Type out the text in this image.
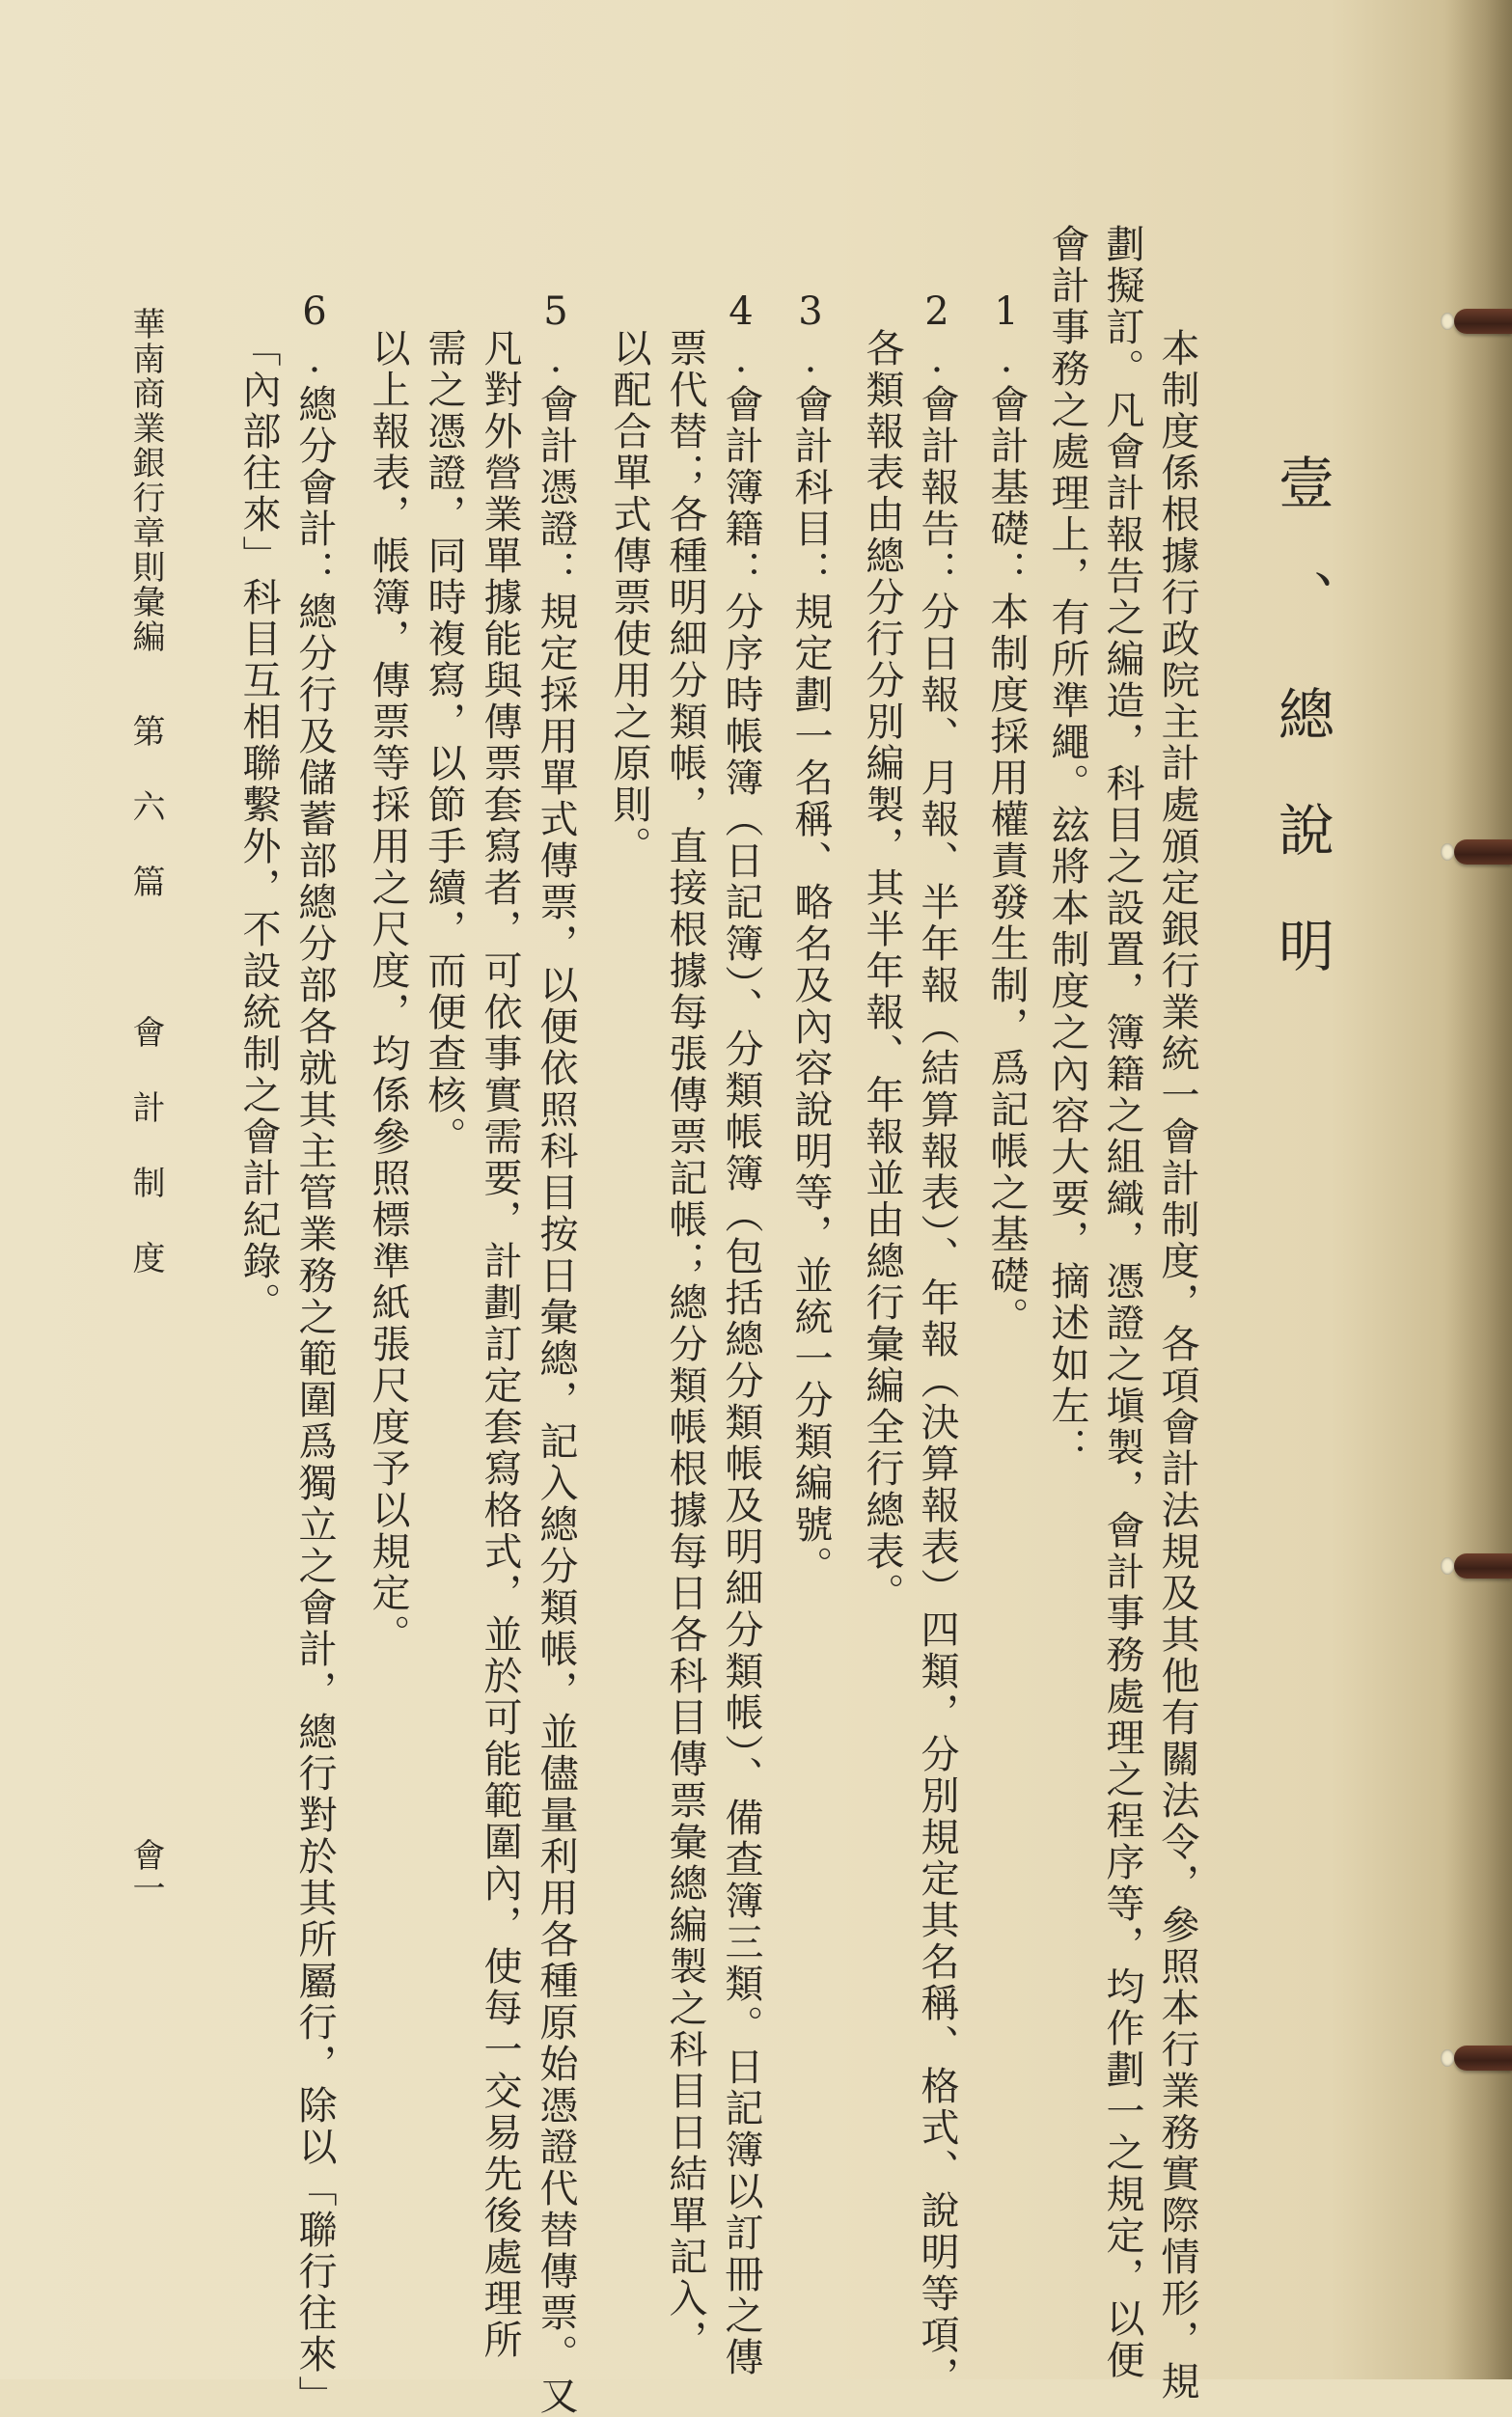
壹、總說明
本制度係根據行政院主計處頒定銀行業統一會計制度，各項會計法規及其他有關法令，參照本行業務實際情形，規
劃擬訂。凡會計報告之編造，科目之設置，簿籍之組織，憑證之塡製，會計事務處理之程序等，均作劃一之規定，以便
會計事務之處理上，有所準繩。玆將本制度之內容大要，摘述如左：
1.會計基礎：本制度採用權責發生制，爲記帳之基礎。
2.會計報告：分日報、月報、半年報（結算報表）、年報（決算報表）四類，分別規定其名稱、格式、說明等項，
各類報表由總分行分別編製，其半年報、年報並由總行彙編全行總表。
3.會計科目：規定劃一名稱、略名及內容說明等，並統一分類編號。
4.會計簿籍：分序時帳簿（日記簿）、分類帳簿（包括總分類帳及明細分類帳）、備查簿三類。日記簿以訂冊之傳
票代替；各種明細分類帳，直接根據每張傳票記帳；總分類帳根據每日各科目傳票彙總編製之科目日結單記入，
以配合單式傳票使用之原則。
5.會計憑證：規定採用單式傳票，以便依照科目按日彙總，記入總分類帳，並儘量利用各種原始憑證代替傳票。又
凡對外營業單據能與傳票套寫者，可依事實需要，計劃訂定套寫格式，並於可能範圍內，使每一交易先後處理所
需之憑證，同時複寫，以節手續，而便查核。
以上報表，帳簿，傳票等採用之尺度，均係參照標準紙張尺度予以規定。
6.總分會計：總分行及儲蓄部總分部各就其主管業務之範圍爲獨立之會計，總行對於其所屬行，除以「聯行往來」
「內部往來」科目互相聯繫外，不設統制之會計紀錄。
華南商業銀行章則彙編
第六篇　會計制度
會一
